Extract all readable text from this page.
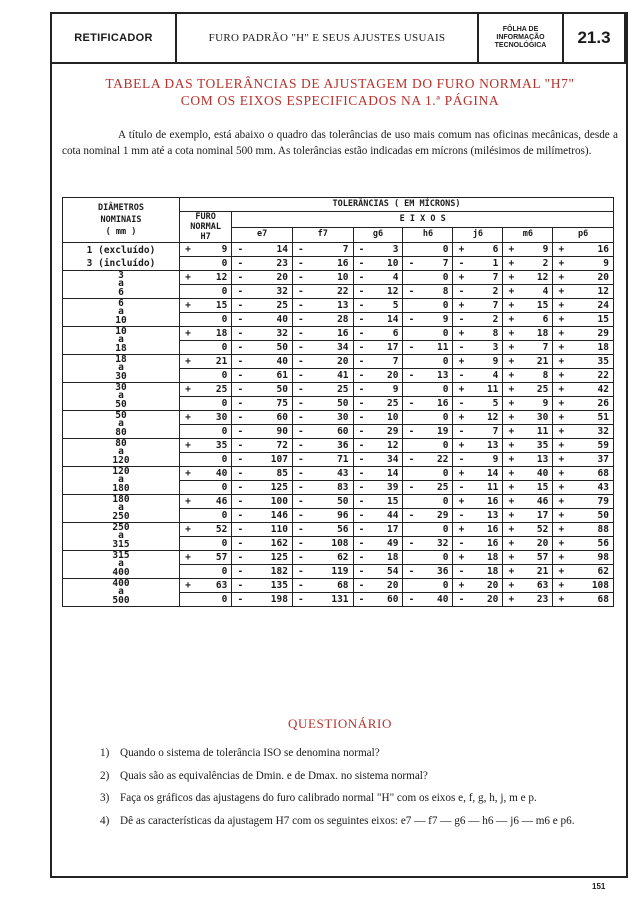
RETIFICADOR	FURO PADRÃO "H" E SEUS AJUSTES USUAIS
FÔLHA DE
INFORMAÇÃO
TECNOLÓGICA	21.3
TABELA DAS TOLERÂNCIAS DE AJUSTAGEM DO FURO NORMAL "H7"
COM OS EIXOS ESPECIFICADOS NA 1.ª PÁGINA
A título de exemplo, está abaixo o quadro das tolerâncias de uso mais comum nas oficinas mecânicas, desde a cota nominal 1 mm até a cota nominal 500 mm. As tolerâncias estão indicadas em mícrons (milésimos de milímetros).
DIÂMETROS
NOMINAIS
( mm )	TOLERÂNCIAS ( EM MÍCRONS)															

	FURO
NORMAL
H7		E I X O S													
			e7		f7		g6		h6		j6		m6		p6	

1 (excluído)
3 (incluído)	+	9	-	14	-	7	-	3		0	+	6	+	9	+	16
		0	-	23	-	16	-	10	-	7	-	1	+	2	+	9

3
a
6	+	12	-	20	-	10	-	4		0	+	7	+	12	+	20
		0	-	32	-	22	-	12	-	8	-	2	+	4	+	12

6
a
10	+	15	-	25	-	13	-	5		0	+	7	+	15	+	24
		0	-	40	-	28	-	14	-	9	-	2	+	6	+	15

10
a
18	+	18	-	32	-	16	-	6		0	+	8	+	18	+	29
		0	-	50	-	34	-	17	-	11	-	3	+	7	+	18

18
a
30	+	21	-	40	-	20	-	7		0	+	9	+	21	+	35
		0	-	61	-	41	-	20	-	13	-	4	+	8	+	22

30
a
50	+	25	-	50	-	25	-	9		0	+	11	+	25	+	42
		0	-	75	-	50	-	25	-	16	-	5	+	9	+	26

50
a
80	+	30	-	60	-	30	-	10		0	+	12	+	30	+	51
		0	-	90	-	60	-	29	-	19	-	7	+	11	+	32

80
a
120	+	35	-	72	-	36	-	12		0	+	13	+	35	+	59
		0	-	107	-	71	-	34	-	22	-	9	+	13	+	37

120
a
180	+	40	-	85	-	43	-	14		0	+	14	+	40	+	68
		0	-	125	-	83	-	39	-	25	-	11	+	15	+	43

180
a
250	+	46	-	100	-	50	-	15		0	+	16	+	46	+	79
		0	-	146	-	96	-	44	-	29	-	13	+	17	+	50

250
a
315	+	52	-	110	-	56	-	17		0	+	16	+	52	+	88
		0	-	162	-	108	-	49	-	32	-	16	+	20	+	56

315
a
400	+	57	-	125	-	62	-	18		0	+	18	+	57	+	98
		0	-	182	-	119	-	54	-	36	-	18	+	21	+	62

400
a
500	+	63	-	135	-	68	-	20		0	+	20	+	63	+	108
		0	-	198	-	131	-	60	-	40	-	20	+	23	+	68
QUESTIONÁRIO
1) Quando o sistema de tolerância ISO se denomina normal?
2) Quais são as equivalências de Dmin. e de Dmax. no sistema normal?
3) Faça os gráficos das ajustagens do furo calibrado normal "H" com os eixos e, f, g, h, j, m e p.
4) Dê as características da ajustagem H7 com os seguintes eixos: e7 — f7 — g6 — h6 — j6 — m6 e p6.
151
